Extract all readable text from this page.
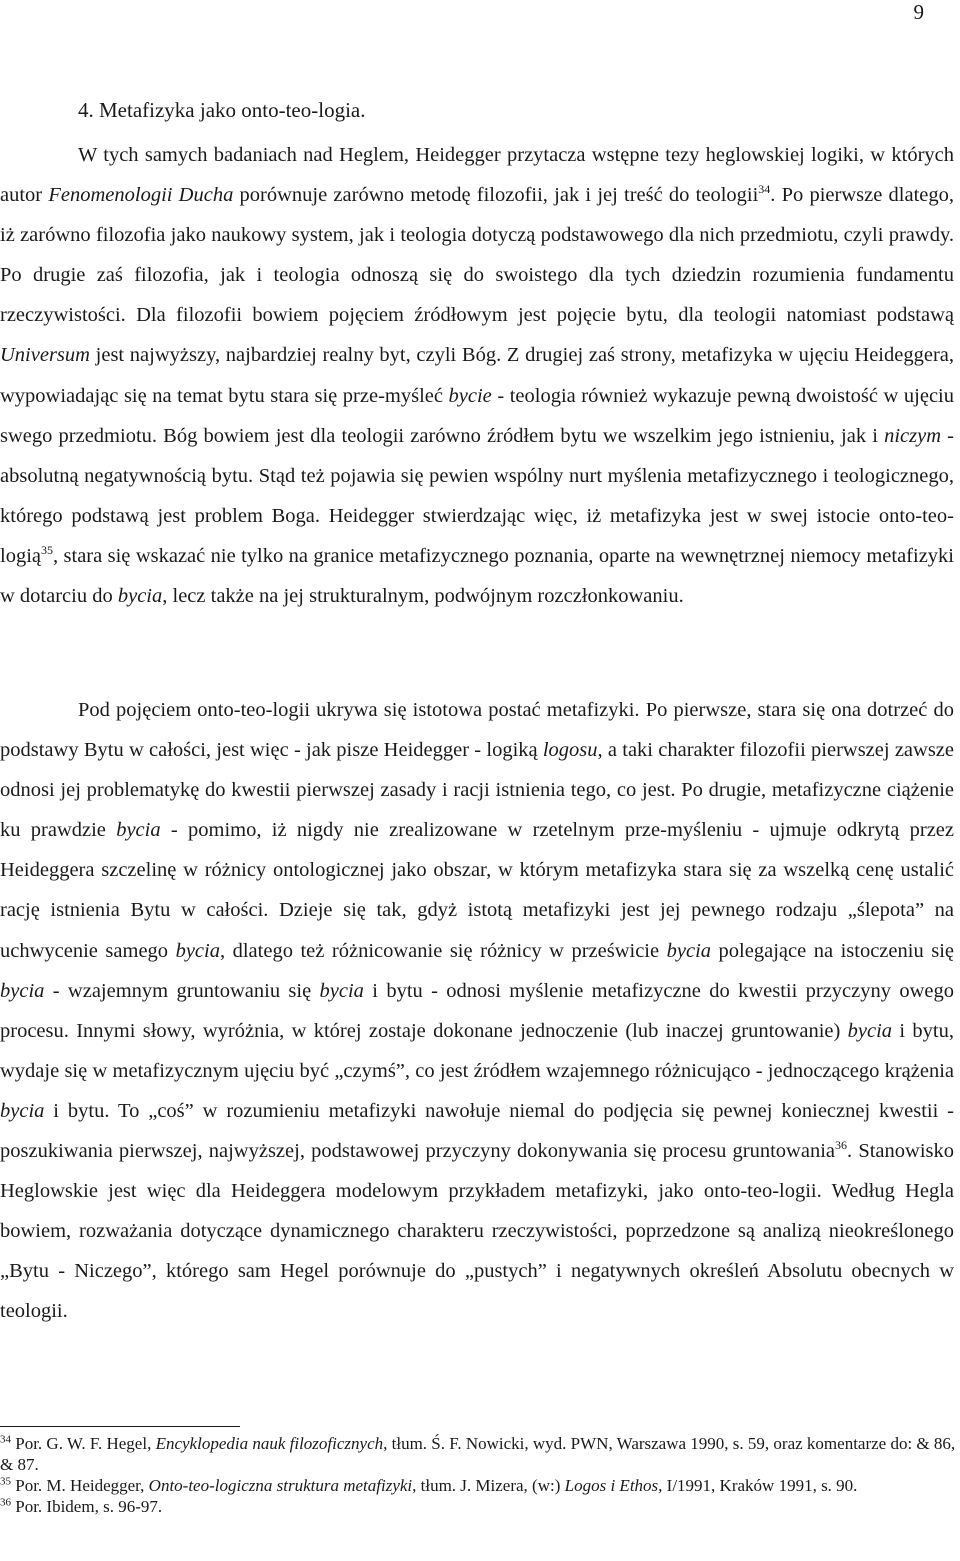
9
4. Metafizyka jako onto-teo-logia.

W tych samych badaniach nad Heglem, Heidegger przytacza wstępne tezy heglowskiej logiki, w których autor Fenomenologii Ducha porównuje zarówno metodę filozofii, jak i jej treść do teologii$^{34}$. Po pierwsze dlatego, iż zarówno filozofia jako naukowy system, jak i teologia dotyczą podstawowego dla nich przedmiotu, czyli prawdy. Po drugie zaś filozofia, jak i teologia odnoszą się do swoistego dla tych dziedzin rozumienia fundamentu rzeczywistości. Dla filozofii bowiem pojęciem źródłowym jest pojęcie bytu, dla teologii natomiast podstawą Universum jest najwyższy, najbardziej realny byt, czyli Bóg. Z drugiej zaś strony, metafizyka w ujęciu Heideggera, wypowiadając się na temat bytu stara się prze-myśleć bycie - teologia również wykazuje pewną dwoistość w ujęciu swego przedmiotu. Bóg bowiem jest dla teologii zarówno źródłem bytu we wszelkim jego istnieniu, jak i niczym - absolutną negatywnością bytu. Stąd też pojawia się pewien wspólny nurt myślenia metafizycznego i teologicznego, którego podstawą jest problem Boga. Heidegger stwierdzając więc, iż metafizyka jest w swej istocie onto-teo-logią$^{35}$, stara się wskazać nie tylko na granice metafizycznego poznania, oparte na wewnętrznej niemocy metafizyki w dotarciu do bycia, lecz także na jej strukturalnym, podwójnym rozczłonkowaniu.

Pod pojęciem onto-teo-logii ukrywa się istotowa postać metafizyki. Po pierwsze, stara się ona dotrzeć do podstawy Bytu w całości, jest więc - jak pisze Heidegger - logiką logosu, a taki charakter filozofii pierwszej zawsze odnosi jej problematykę do kwestii pierwszej zasady i racji istnienia tego, co jest. Po drugie, metafizyczne ciążenie ku prawdzie bycia - pomimo, iż nigdy nie zrealizowane w rzetelnym prze-myśleniu - ujmuje odkrytą przez Heideggera szczelinę w różnicy ontologicznej jako obszar, w którym metafizyka stara się za wszelką cenę ustalić rację istnienia Bytu w całości. Dzieje się tak, gdyż istotą metafizyki jest jej pewnego rodzaju „ślepota” na uchwycenie samego bycia, dlatego też różnicowanie się różnicy w prześwicie bycia polegające na istoczeniu się bycia - wzajemnym gruntowaniu się bycia i bytu - odnosi myślenie metafizyczne do kwestii przyczyny owego procesu. Innymi słowy, wyróżnia, w której zostaje dokonane jednoczenie (lub inaczej gruntowanie) bycia i bytu, wydaje się w metafizycznym ujęciu być „czymś”, co jest źródłem wzajemnego różnicująco - jednoczącego krążenia bycia i bytu. To „coś” w rozumieniu metafizyki nawołuje niemal do podjęcia się pewnej koniecznej kwestii - poszukiwania pierwszej, najwyższej, podstawowej przyczyny dokonywania się procesu gruntowania$^{36}$. Stanowisko Heglowskie jest więc dla Heideggera modelowym przykładem metafizyki, jako onto-teo-logii. Według Hegla bowiem, rozważania dotyczące dynamicznego charakteru rzeczywistości, poprzedzone są analizą nieokreślonego „Bytu - Niczego”, którego sam Hegel porównuje do „pustych” i negatywnych określeń Absolutu obecnych w teologii.

$^{34}$ Por. G. W. F. Hegel, Encyklopedia nauk filozoficznych, tłum. Ś. F. Nowicki, wyd. PWN, Warszawa 1990, s. 59, oraz komentarze do: & 86, & 87.

$^{35}$ Por. M. Heidegger, Onto-teo-logiczna struktura metafizyki, tłum. J. Mizera, (w:) Logos i Ethos, I/1991, Kraków 1991, s. 90.

$^{36}$ Por. Ibidem, s. 96-97.
